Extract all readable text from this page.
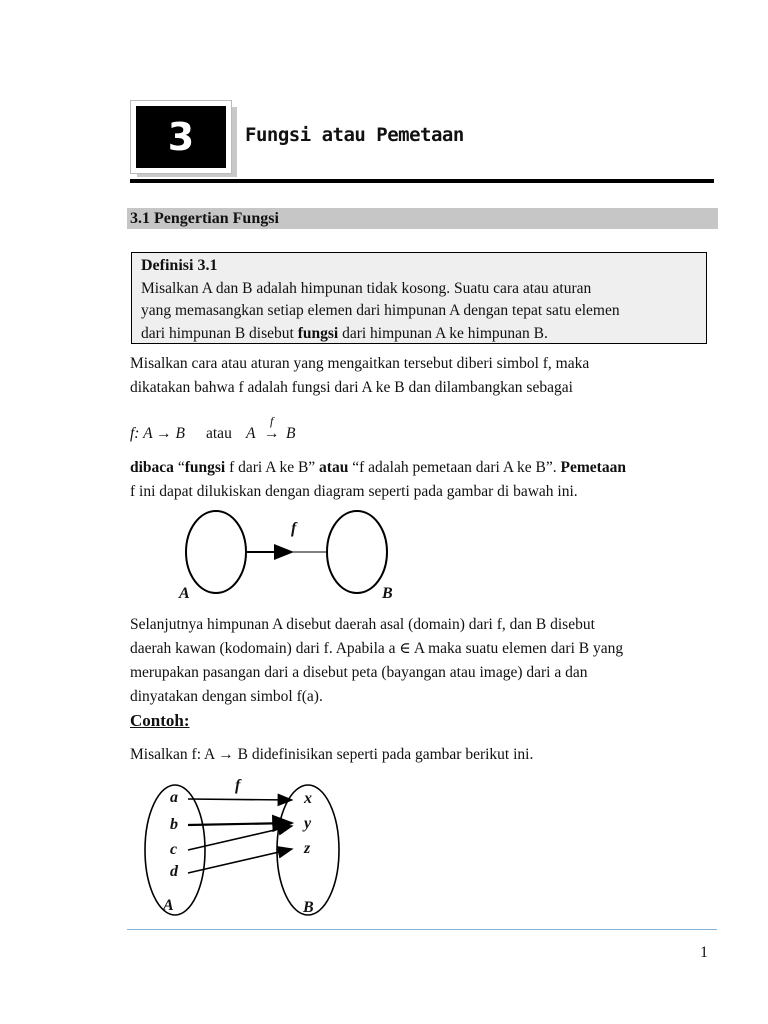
3	Fungsi atau Pemetaan
3.1 Pengertian Fungsi
Definisi 3.1
Misalkan A dan B adalah himpunan tidak kosong. Suatu cara atau aturan
yang memasangkan setiap elemen dari himpunan A dengan tepat satu elemen
dari himpunan B disebut fungsi dari himpunan A ke himpunan B.
Misalkan cara atau aturan yang mengaitkan tersebut diberi simbol f, maka
dikatakan bahwa f adalah fungsi dari A ke B dan dilambangkan sebagai
f: A → B atau A →
f
B
dibaca “fungsi f dari A ke B” atau “f adalah pemetaan dari A ke B”. Pemetaan
f ini dapat dilukiskan dengan diagram seperti pada gambar di bawah ini.
f
A	B
Selanjutnya himpunan A disebut daerah asal (domain) dari f, dan B disebut
daerah kawan (kodomain) dari f. Apabila a ∈ A maka suatu elemen dari B yang
merupakan pasangan dari a disebut peta (bayangan atau image) dari a dan
dinyatakan dengan simbol f(a).
Contoh:
Misalkan f: A → B didefinisikan seperti pada gambar berikut ini.
f
a
b
c
d
x
y
z
A	B
1
